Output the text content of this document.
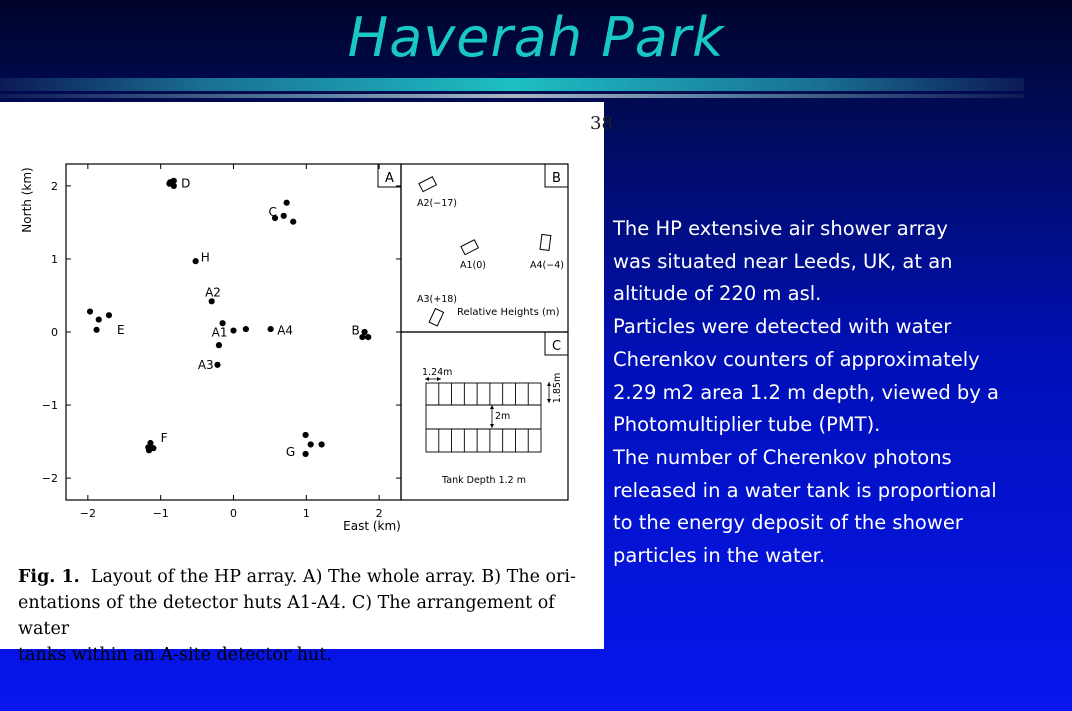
Haverah Park
38
A	B
C
−2	−1	0	1	2
2
1
0
−1
−2
D
C
H
A2
A1	A4	B
E
A3
F
G
East (km)
North (km)	A2(−17)
A1(0)	A4(−4)
A3(+18)
Relative Heights (m)
1.24m
1.85m
2m
Tank Depth 1.2 m
Fig. 1. Layout of the HP array. A) The whole array. B) The ori-
entations of the detector huts A1-A4. C) The arrangement of water
tanks within an A-site detector hut.

The HP extensive air shower array
was situated near Leeds, UK, at an
altitude of 220 m asl.

Particles were detected with water
Cherenkov counters of approximately
2.29 m2 area 1.2 m depth, viewed by a
Photomultiplier tube (PMT).

The number of Cherenkov photons
released in a water tank is proportional
to the energy deposit of the shower
particles in the water.
